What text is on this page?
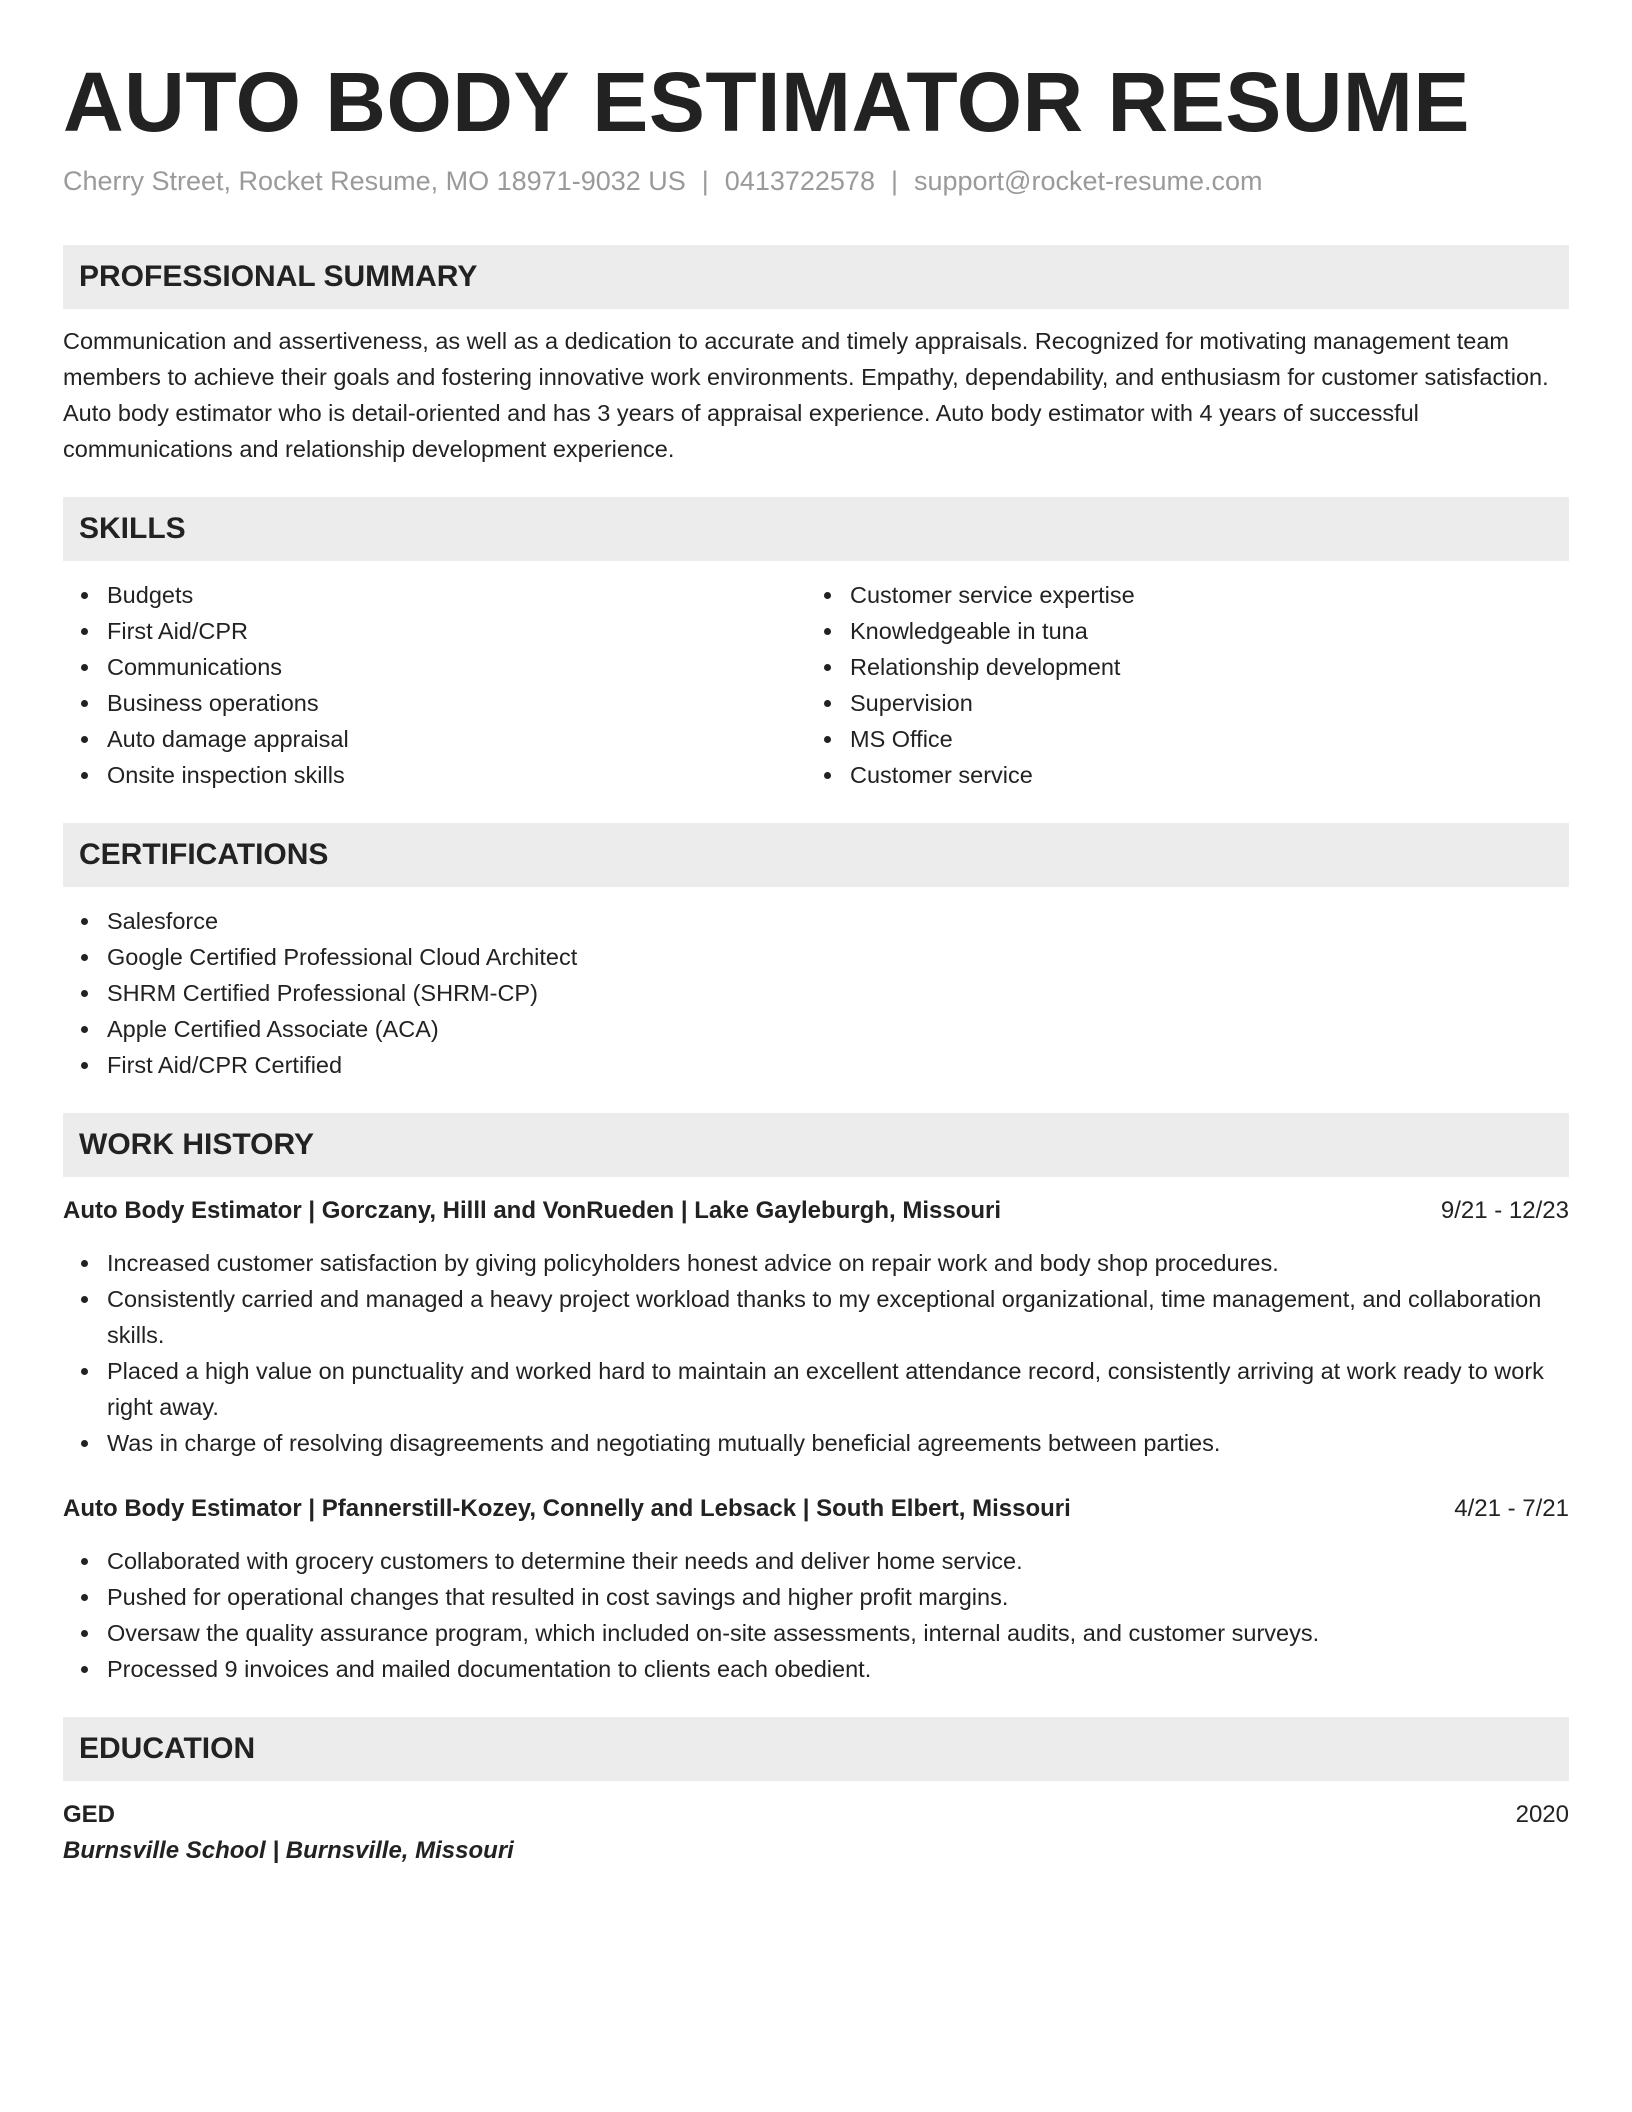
AUTO BODY ESTIMATOR RESUME
Cherry Street, Rocket Resume, MO 18971-9032 US | 0413722578 | support@rocket-resume.com
PROFESSIONAL SUMMARY

Communication and assertiveness, as well as a dedication to accurate and timely appraisals. Recognized for motivating management team members to achieve their goals and fostering innovative work environments. Empathy, dependability, and enthusiasm for customer satisfaction. Auto body estimator who is detail-oriented and has 3 years of appraisal experience. Auto body estimator with 4 years of successful communications and relationship development experience.

SKILLS
Budgets
First Aid/CPR
Communications
Business operations
Auto damage appraisal
Onsite inspection skills
Customer service expertise
Knowledgeable in tuna
Relationship development
Supervision
MS Office
Customer service
CERTIFICATIONS
Salesforce
Google Certified Professional Cloud Architect
SHRM Certified Professional (SHRM-CP)
Apple Certified Associate (ACA)
First Aid/CPR Certified
WORK HISTORY
Auto Body Estimator | Gorczany, Hilll and VonRueden | Lake Gayleburgh, Missouri	9/21 - 12/23
Increased customer satisfaction by giving policyholders honest advice on repair work and body shop procedures.
Consistently carried and managed a heavy project workload thanks to my exceptional organizational, time management, and collaboration skills.
Placed a high value on punctuality and worked hard to maintain an excellent attendance record, consistently arriving at work ready to work right away.
Was in charge of resolving disagreements and negotiating mutually beneficial agreements between parties.
Auto Body Estimator | Pfannerstill-Kozey, Connelly and Lebsack | South Elbert, Missouri	4/21 - 7/21
Collaborated with grocery customers to determine their needs and deliver home service.
Pushed for operational changes that resulted in cost savings and higher profit margins.
Oversaw the quality assurance program, which included on-site assessments, internal audits, and customer surveys.
Processed 9 invoices and mailed documentation to clients each obedient.
EDUCATION
GED	2020
Burnsville School | Burnsville, Missouri
